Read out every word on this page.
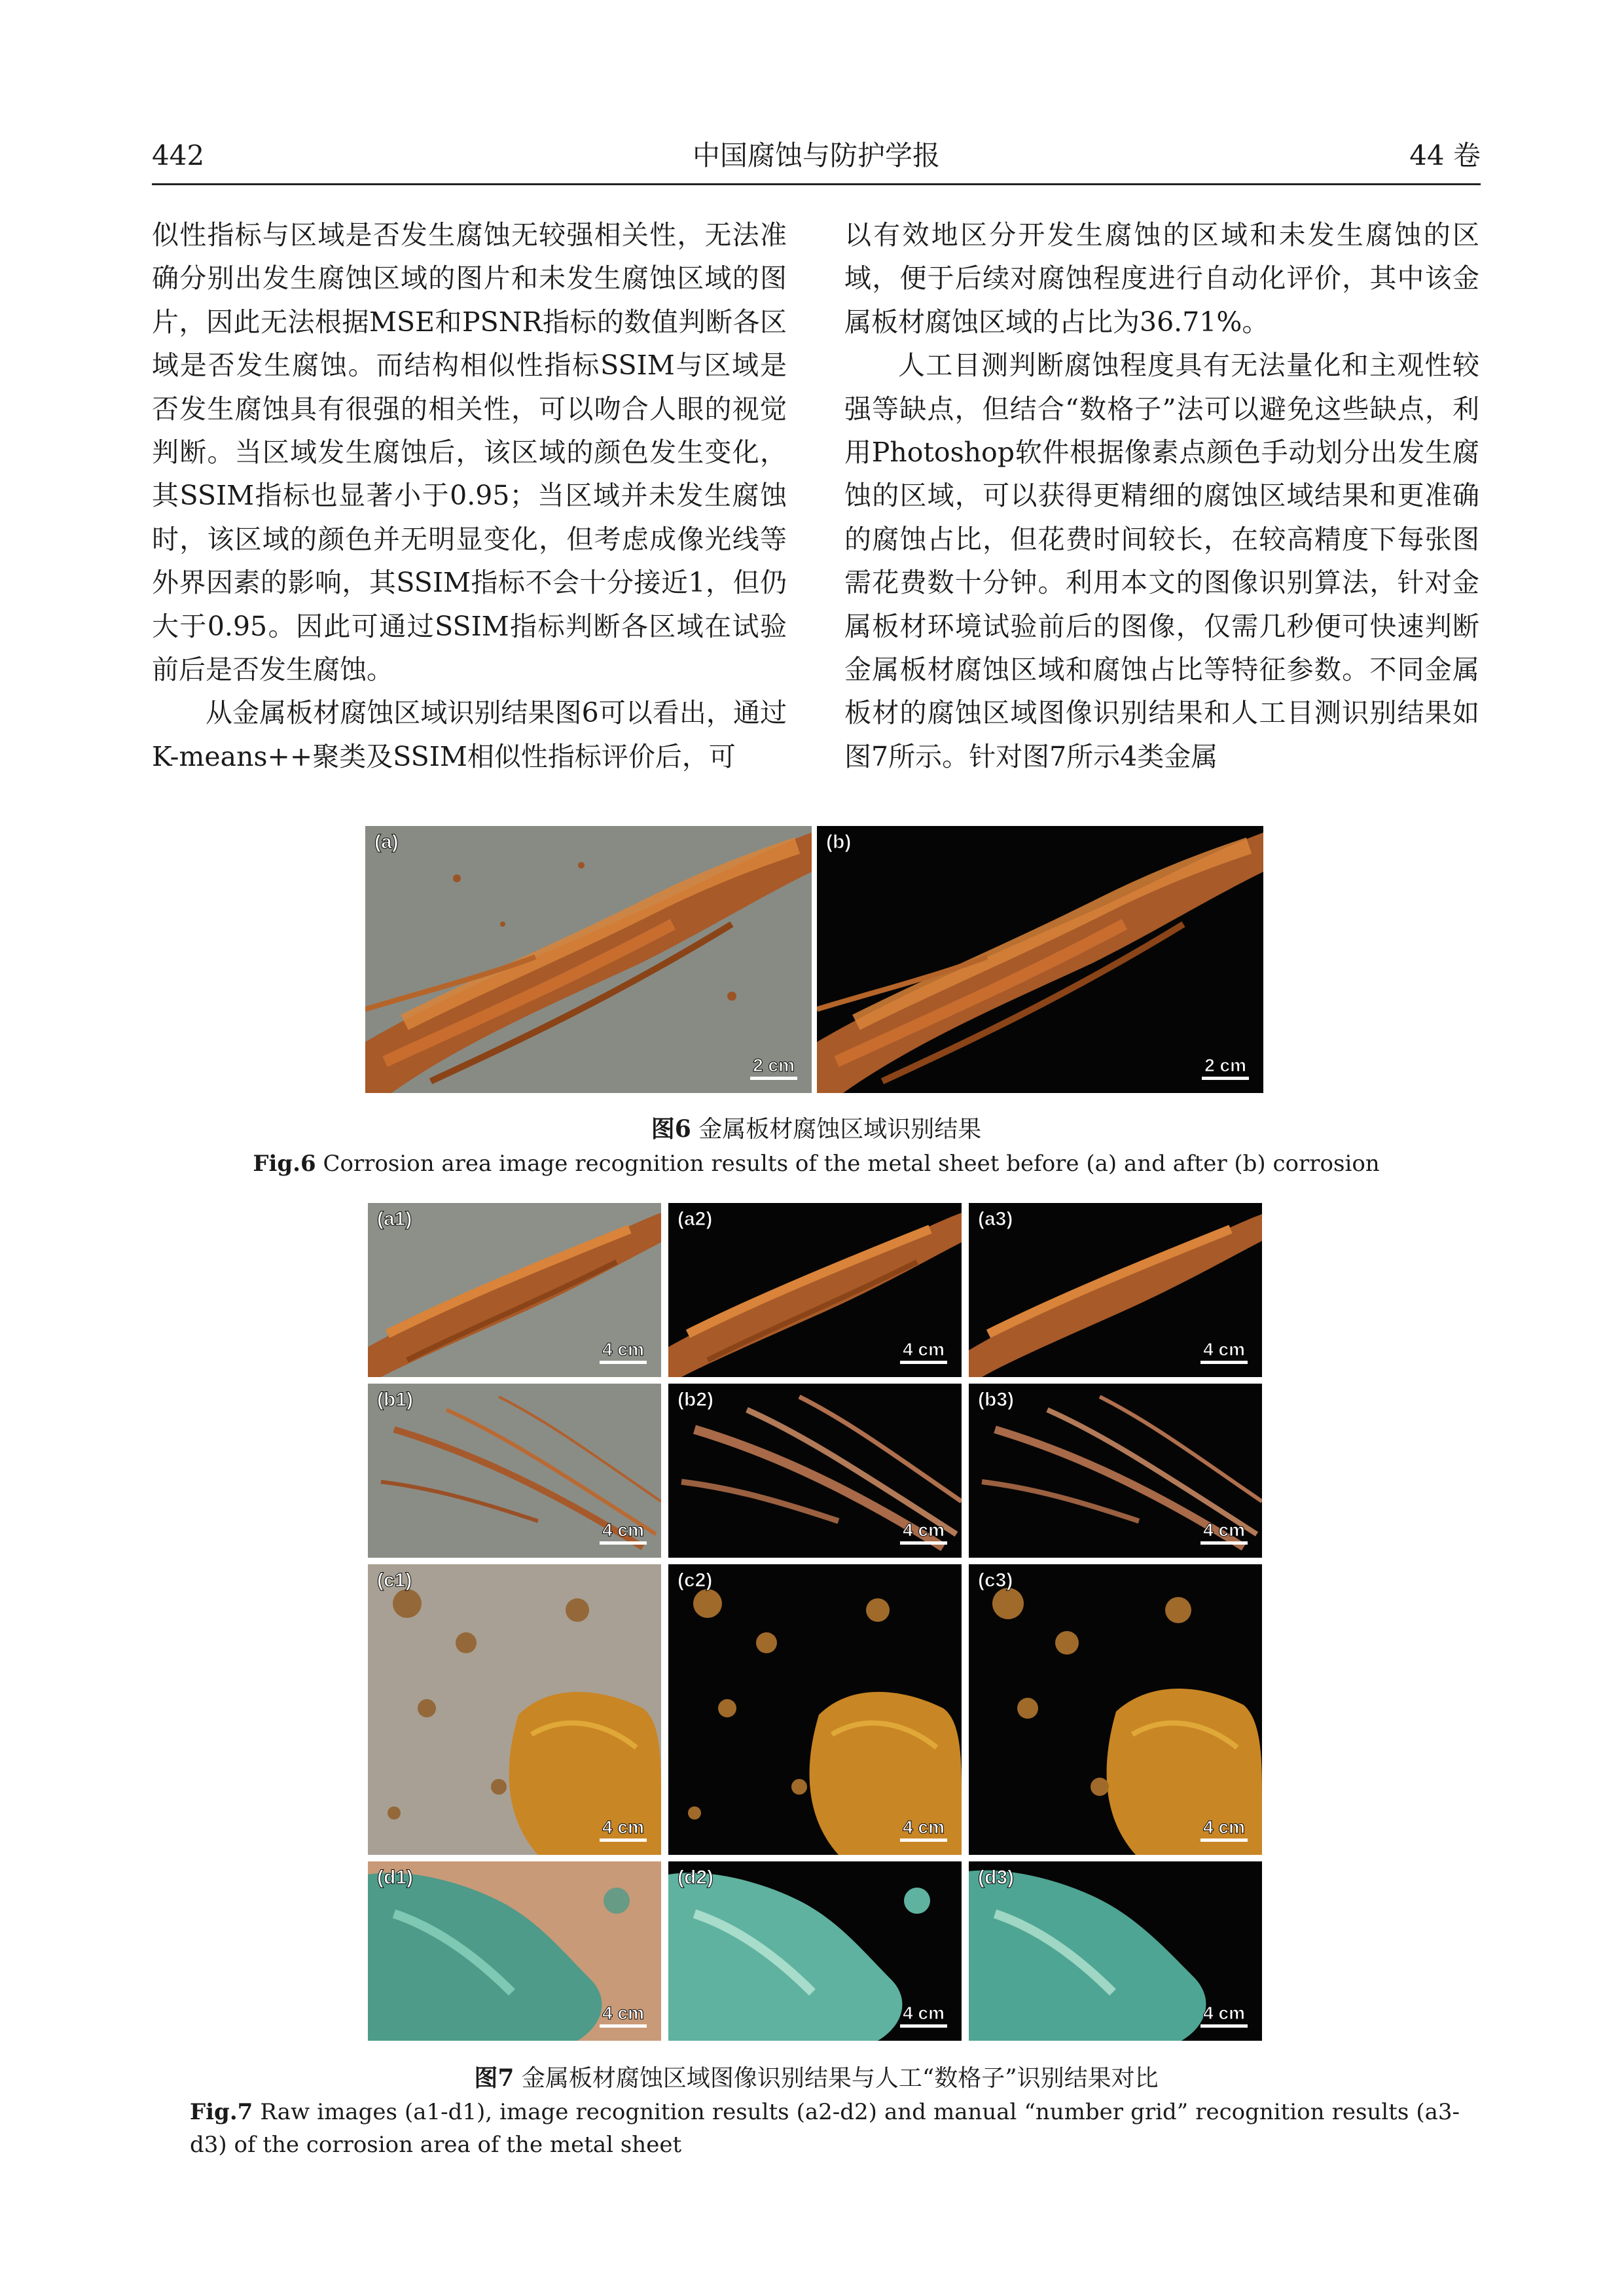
442	中国腐蚀与防护学报	44 卷

似性指标与区域是否发生腐蚀无较强相关性，无法准确分别出发生腐蚀区域的图片和未发生腐蚀区域的图片，因此无法根据MSE和PSNR指标的数值判断各区域是否发生腐蚀。而结构相似性指标SSIM与区域是否发生腐蚀具有很强的相关性，可以吻合人眼的视觉判断。当区域发生腐蚀后，该区域的颜色发生变化，其SSIM指标也显著小于0.95；当区域并未发生腐蚀时，该区域的颜色并无明显变化，但考虑成像光线等外界因素的影响，其SSIM指标不会十分接近1，但仍大于0.95。因此可通过SSIM指标判断各区域在试验前后是否发生腐蚀。

从金属板材腐蚀区域识别结果图6可以看出，通过K-means++聚类及SSIM相似性指标评价后，可

以有效地区分开发生腐蚀的区域和未发生腐蚀的区域，便于后续对腐蚀程度进行自动化评价，其中该金属板材腐蚀区域的占比为36.71%。

人工目测判断腐蚀程度具有无法量化和主观性较强等缺点，但结合“数格子”法可以避免这些缺点，利用Photoshop软件根据像素点颜色手动划分出发生腐蚀的区域，可以获得更精细的腐蚀区域结果和更准确的腐蚀占比，但花费时间较长，在较高精度下每张图需花费数十分钟。利用本文的图像识别算法，针对金属板材环境试验前后的图像，仅需几秒便可快速判断金属板材腐蚀区域和腐蚀占比等特征参数。不同金属板材的腐蚀区域图像识别结果和人工目测识别结果如图7所示。针对图7所示4类金属

(a)
2 cm
(b)
2 cm
图6 金属板材腐蚀区域识别结果
Fig.6 Corrosion area image recognition results of the metal sheet before (a) and after (b) corrosion
(a1)
4 cm
(a2)
4 cm
(a3)
4 cm
(b1)
4 cm
(b2)
4 cm
(b3)
4 cm
(c1)
4 cm
(c2)
4 cm
(c3)
4 cm
(d1)
4 cm
(d2)
4 cm
(d3)
4 cm
图7 金属板材腐蚀区域图像识别结果与人工“数格子”识别结果对比
Fig.7 Raw images (a1-d1), image recognition results (a2-d2) and manual “number grid” recognition results (a3-d3) of the corrosion area of the metal sheet
